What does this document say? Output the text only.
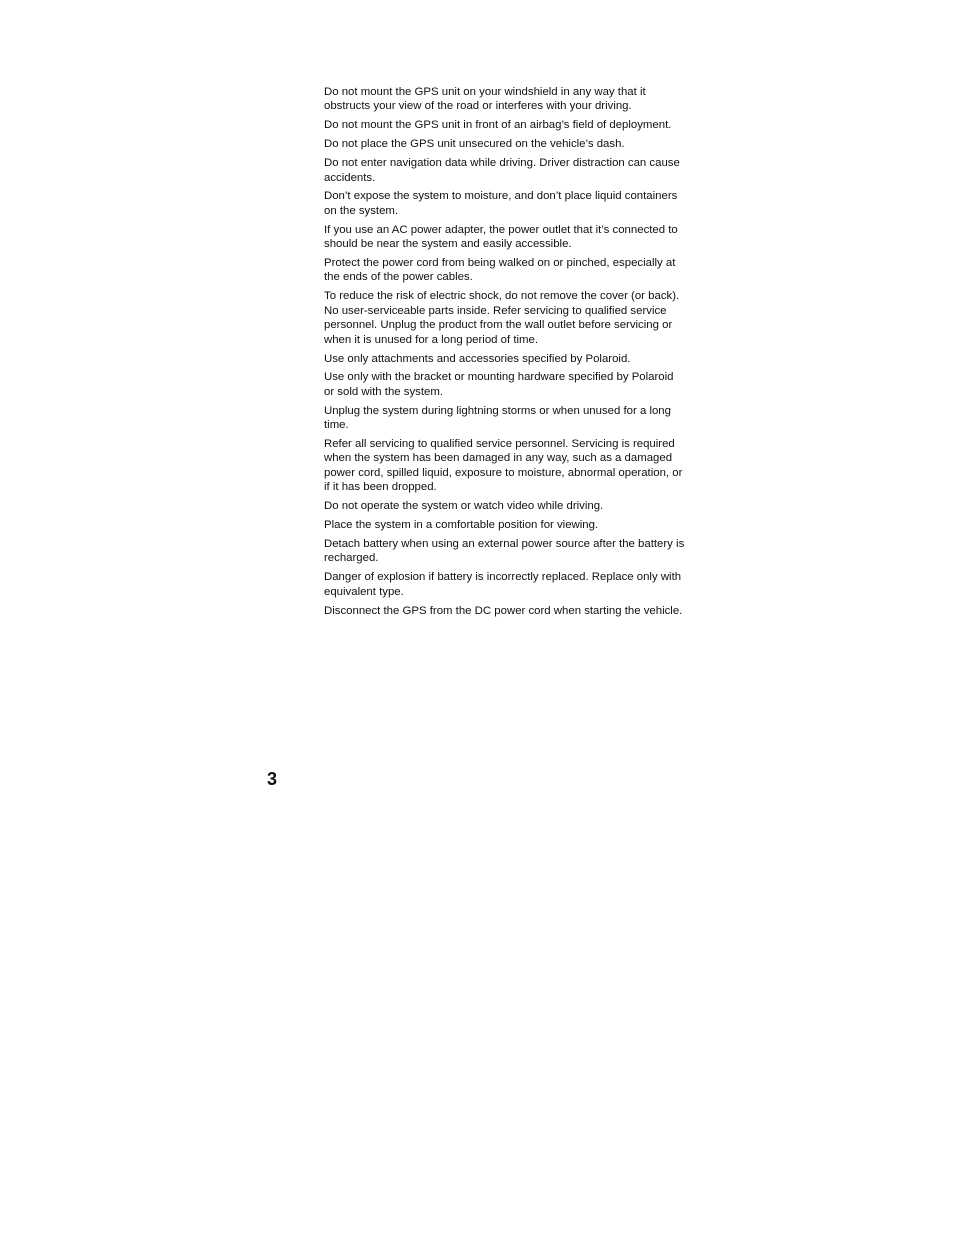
Do not mount the GPS unit on your windshield in any way that it
obstructs your view of the road or interferes with your driving.

Do not mount the GPS unit in front of an airbag’s field of deployment.

Do not place the GPS unit unsecured on the vehicle’s dash.

Do not enter navigation data while driving. Driver distraction can cause
accidents.

Don’t expose the system to moisture, and don’t place liquid containers
on the system.

If you use an AC power adapter, the power outlet that it’s connected to
should be near the system and easily accessible.

Protect the power cord from being walked on or pinched, especially at
the ends of the power cables.

To reduce the risk of electric shock, do not remove the cover (or back).
No user-serviceable parts inside. Refer servicing to qualified service
personnel. Unplug the product from the wall outlet before servicing or
when it is unused for a long period of time.

Use only attachments and accessories specified by Polaroid.

Use only with the bracket or mounting hardware specified by Polaroid
or sold with the system.

Unplug the system during lightning storms or when unused for a long
time.

Refer all servicing to qualified service personnel. Servicing is required
when the system has been damaged in any way, such as a damaged
power cord, spilled liquid, exposure to moisture, abnormal operation, or
if it has been dropped.

Do not operate the system or watch video while driving.

Place the system in a comfortable position for viewing.

Detach battery when using an external power source after the battery is
recharged.

Danger of explosion if battery is incorrectly replaced. Replace only with
equivalent type.

Disconnect the GPS from the DC power cord when starting the vehicle.

3
